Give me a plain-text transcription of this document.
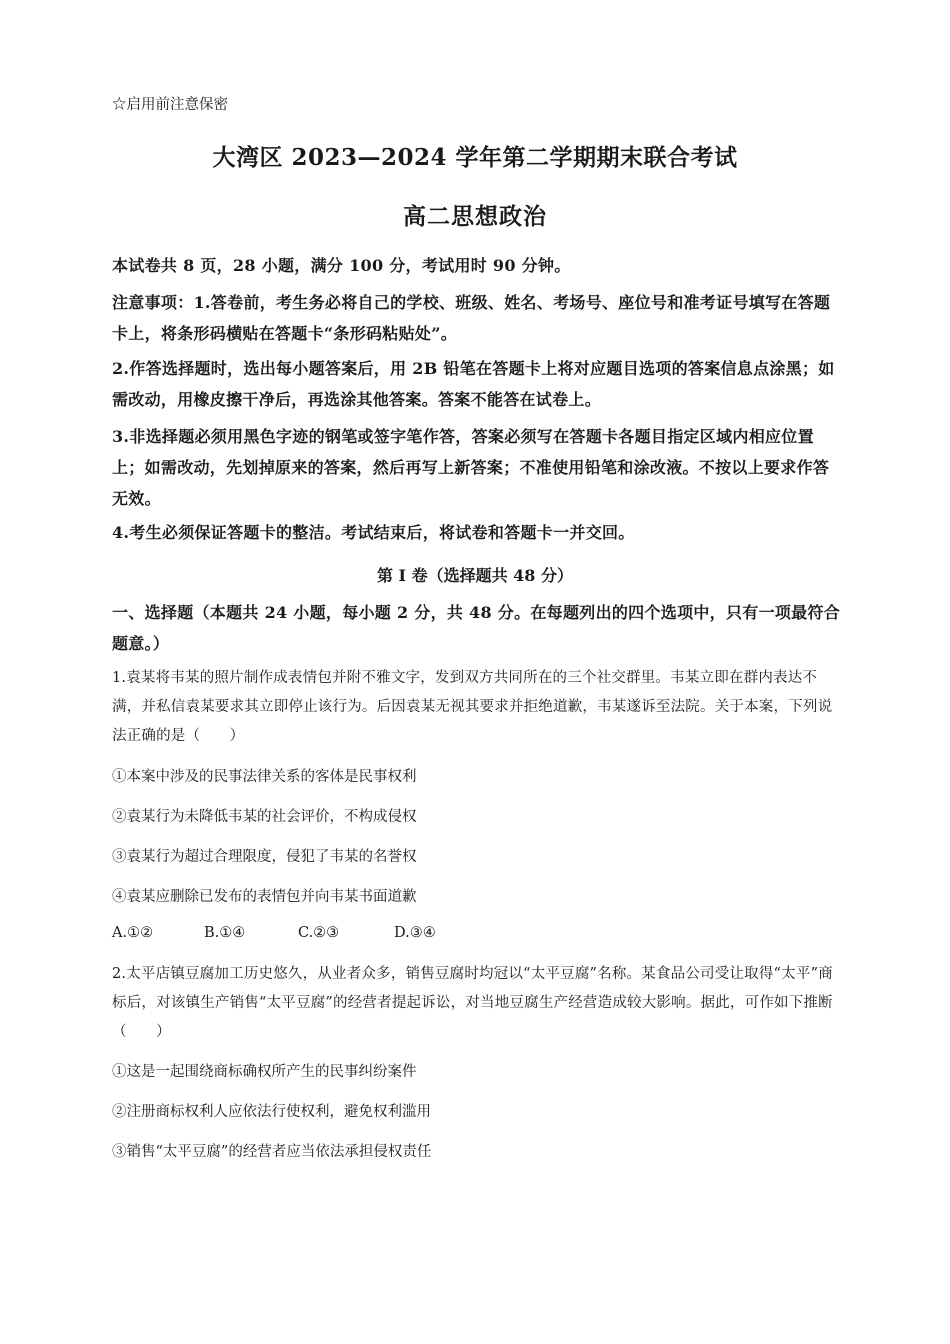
☆启用前注意保密
大湾区 2023—2024 学年第二学期期末联合考试
高二思想政治
本试卷共 8 页，28 小题，满分 100 分，考试用时 90 分钟。
注意事项：1.答卷前，考生务必将自己的学校、班级、姓名、考场号、座位号和准考证号填写在答题卡上，将条形码横贴在答题卡“条形码粘贴处”。
2.作答选择题时，选出每小题答案后，用 2B 铅笔在答题卡上将对应题目选项的答案信息点涂黑；如需改动，用橡皮擦干净后，再选涂其他答案。答案不能答在试卷上。
3.非选择题必须用黑色字迹的钢笔或签字笔作答，答案必须写在答题卡各题目指定区域内相应位置上；如需改动，先划掉原来的答案，然后再写上新答案；不准使用铅笔和涂改液。不按以上要求作答无效。
4.考生必须保证答题卡的整洁。考试结束后，将试卷和答题卡一并交回。
第 I 卷（选择题共 48 分）
一、选择题（本题共 24 小题，每小题 2 分，共 48 分。在每题列出的四个选项中，只有一项最符合题意。）
1.袁某将韦某的照片制作成表情包并附不雅文字，发到双方共同所在的三个社交群里。韦某立即在群内表达不满，并私信袁某要求其立即停止该行为。后因袁某无视其要求并拒绝道歉，韦某遂诉至法院。关于本案，下列说法正确的是（　　）
①本案中涉及的民事法律关系的客体是民事权利
②袁某行为未降低韦某的社会评价，不构成侵权
③袁某行为超过合理限度，侵犯了韦某的名誉权
④袁某应删除已发布的表情包并向韦某书面道歉
A.①②	B.①④	C.②③	D.③④
2.太平店镇豆腐加工历史悠久，从业者众多，销售豆腐时均冠以“太平豆腐”名称。某食品公司受让取得“太平”商标后，对该镇生产销售“太平豆腐”的经营者提起诉讼，对当地豆腐生产经营造成较大影响。据此，可作如下推断（　　）
①这是一起围绕商标确权所产生的民事纠纷案件
②注册商标权利人应依法行使权利，避免权利滥用
③销售“太平豆腐”的经营者应当依法承担侵权责任
